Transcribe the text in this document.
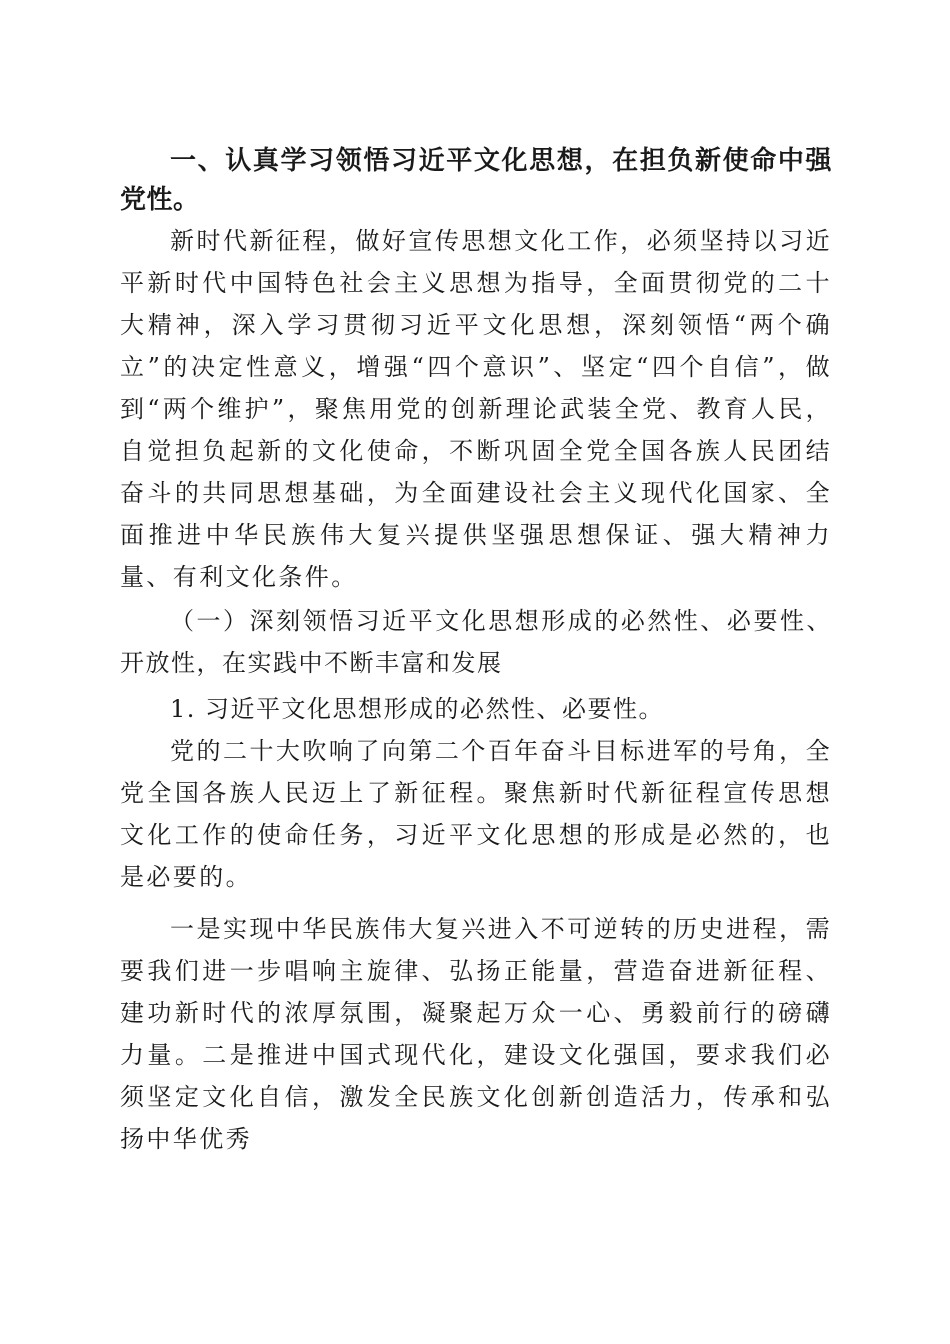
一、认真学习领悟习近平文化思想，在担负新使命中强党性。

新时代新征程，做好宣传思想文化工作，必须坚持以习近平新时代中国特色社会主义思想为指导，全面贯彻党的二十大精神，深入学习贯彻习近平文化思想，深刻领悟“两个确立”的决定性意义，增强“四个意识”、坚定“四个自信”，做到“两个维护”，聚焦用党的创新理论武装全党、教育人民，自觉担负起新的文化使命，不断巩固全党全国各族人民团结奋斗的共同思想基础，为全面建设社会主义现代化国家、全面推进中华民族伟大复兴提供坚强思想保证、强大精神力量、有利文化条件。

（一）深刻领悟习近平文化思想形成的必然性、必要性、开放性，在实践中不断丰富和发展

1. 习近平文化思想形成的必然性、必要性。

党的二十大吹响了向第二个百年奋斗目标进军的号角，全党全国各族人民迈上了新征程。聚焦新时代新征程宣传思想文化工作的使命任务，习近平文化思想的形成是必然的，也是必要的。

一是实现中华民族伟大复兴进入不可逆转的历史进程，需要我们进一步唱响主旋律、弘扬正能量，营造奋进新征程、建功新时代的浓厚氛围，凝聚起万众一心、勇毅前行的磅礴力量。二是推进中国式现代化，建设文化强国，要求我们必须坚定文化自信，激发全民族文化创新创造活力，传承和弘扬中华优秀
